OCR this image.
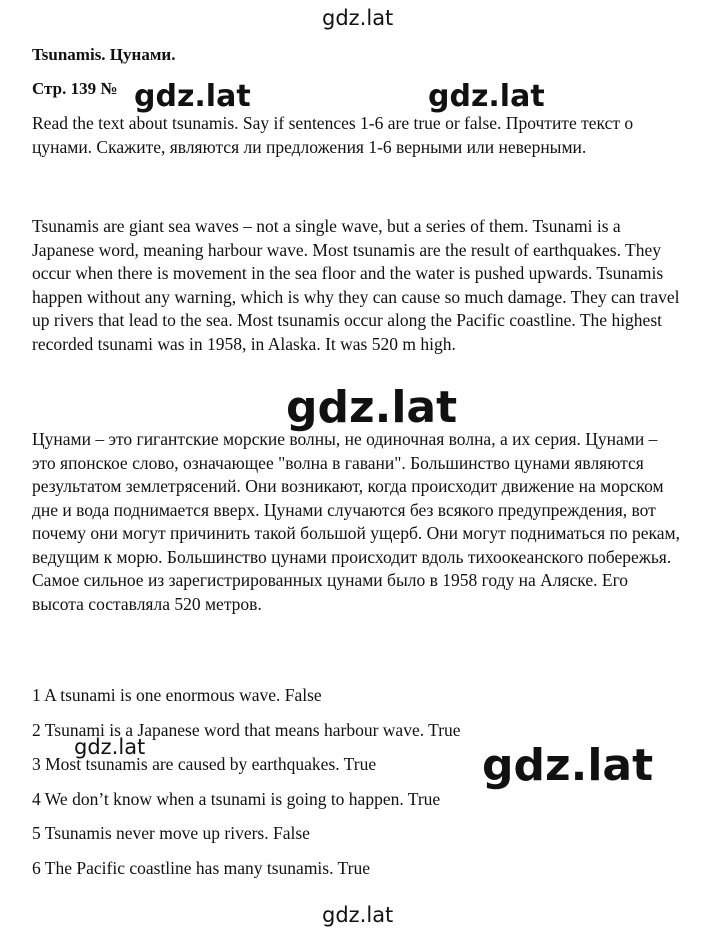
gdz.lat
Tsunamis. Цунами.
Стр. 139 № gdz.lat	gdz.lat

Read the text about tsunamis. Say if sentences 1-6 are true or false. Прочтите текст о цунами. Скажите, являются ли предложения 1-6 верными или неверными.

Tsunamis are giant sea waves – not a single wave, but a series of them. Tsunami is a Japanese word, meaning harbour wave. Most tsunamis are the result of earthquakes. They occur when there is movement in the sea floor and the water is pushed upwards. Tsunamis happen without any warning, which is why they can cause so much damage. They can travel up rivers that lead to the sea. Most tsunamis occur along the Pacific coastline. The highest recorded tsunami was in 1958, in Alaska. It was 520 m high.

gdz.lat

Цунами – это гигантские морские волны, не одиночная волна, а их серия. Цунами – это японское слово, означающее "волна в гавани". Большинство цунами являются результатом землетрясений. Они возникают, когда происходит движение на морском дне и вода поднимается вверх. Цунами случаются без всякого предупреждения, вот почему они могут причинить такой большой ущерб. Они могут подниматься по рекам, ведущим к морю. Большинство цунами происходит вдоль тихоокеанского побережья. Самое сильное из зарегистрированных цунами было в 1958 году на Аляске. Его высота составляла 520 метров.

1 A tsunami is one enormous wave. False
2 Tsunami is a Japanese word that means harbour wave. True
3 Most tsunamis are caused by earthquakes. True
4 We don’t know when a tsunami is going to happen. True
5 Tsunamis never move up rivers. False
6 The Pacific coastline has many tsunamis. True
gdz.lat	gdz.lat
gdz.lat
